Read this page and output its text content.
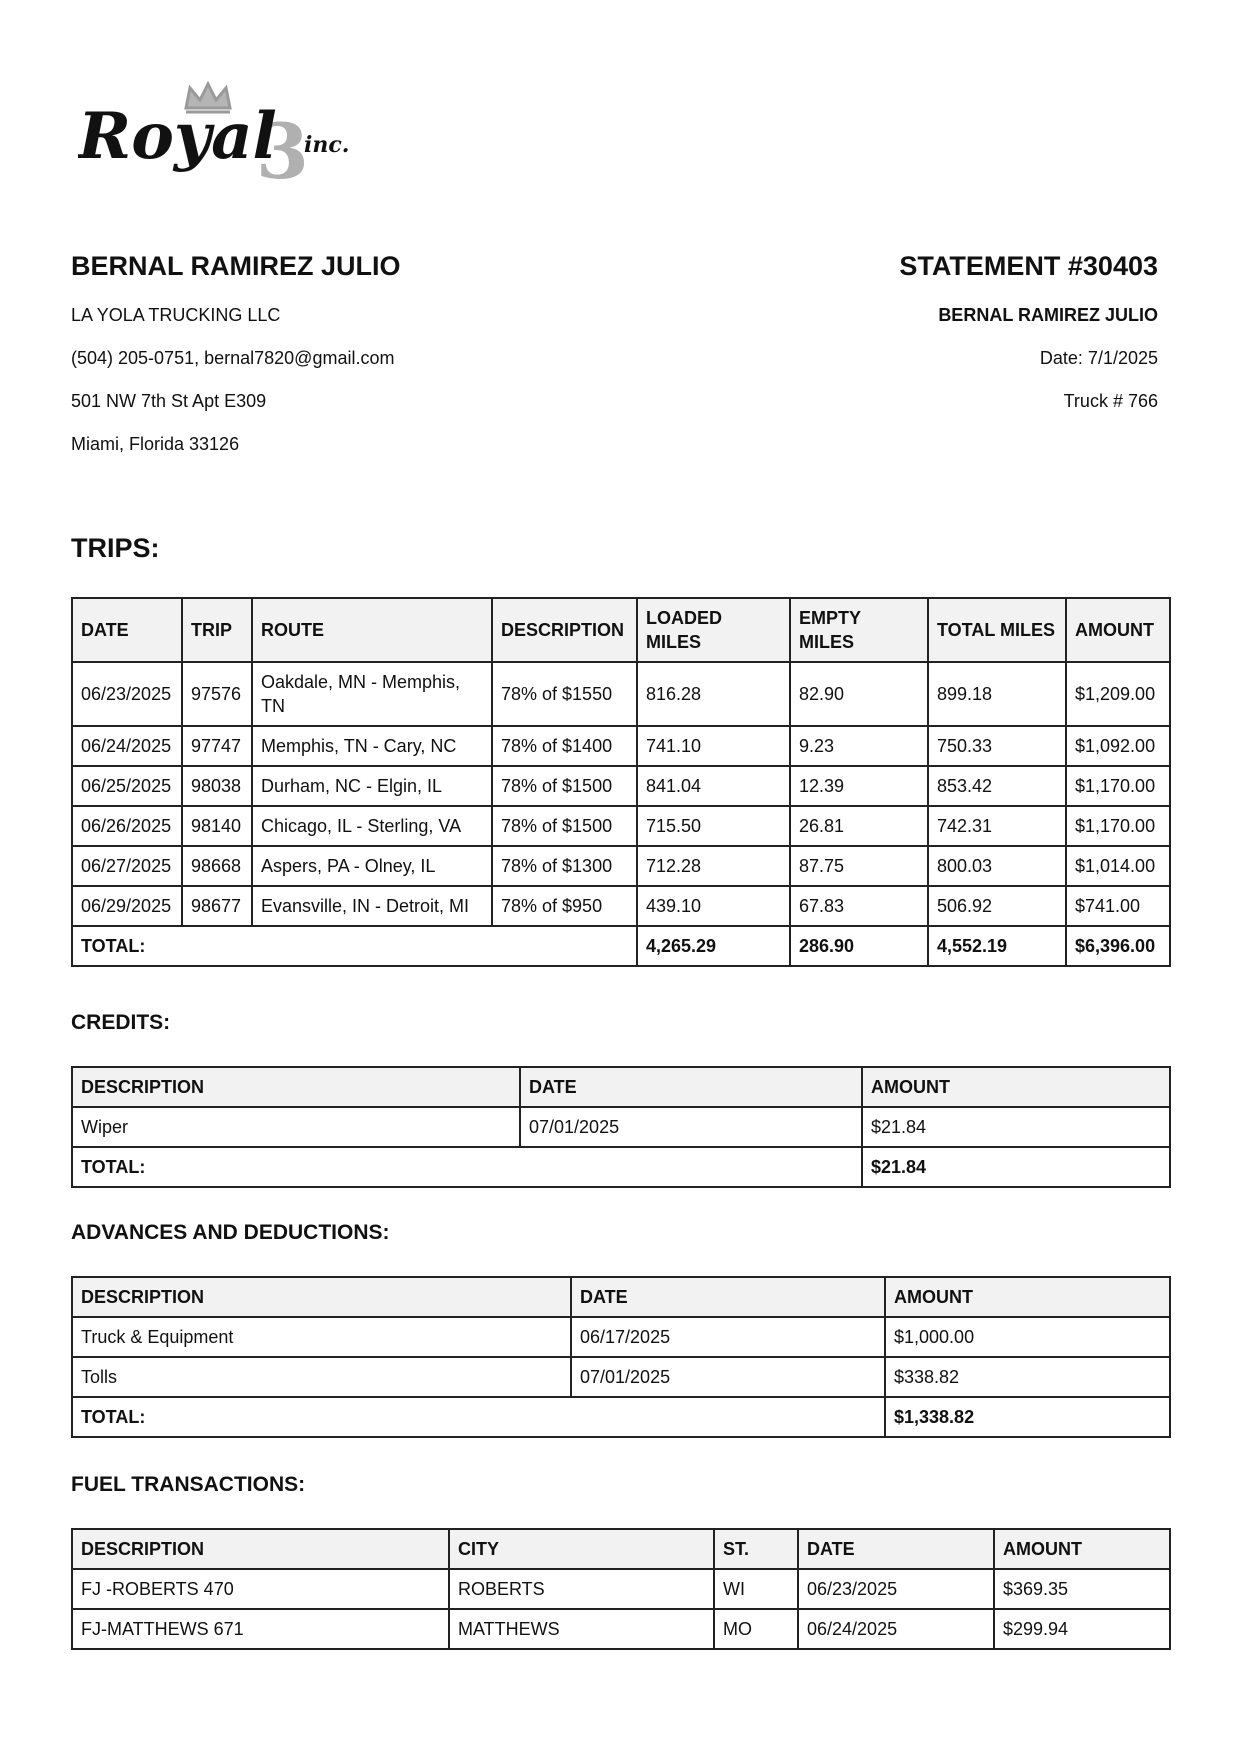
3
Royal inc.
BERNAL RAMIREZ JULIO
LA YOLA TRUCKING LLC
(504) 205-0751, bernal7820@gmail.com
501 NW 7th St Apt E309
Miami, Florida 33126
STATEMENT #30403
BERNAL RAMIREZ JULIO
Date: 7/1/2025
Truck # 766
TRIPS:
DATE	TRIP	ROUTE	DESCRIPTION	LOADED MILES	EMPTY MILES	TOTAL MILES	AMOUNT
06/23/2025	97576	Oakdale, MN - Memphis, TN	78% of $1550	816.28	82.90	899.18	$1,209.00
06/24/2025	97747	Memphis, TN - Cary, NC	78% of $1400	741.10	9.23	750.33	$1,092.00
06/25/2025	98038	Durham, NC - Elgin, IL	78% of $1500	841.04	12.39	853.42	$1,170.00
06/26/2025	98140	Chicago, IL - Sterling, VA	78% of $1500	715.50	26.81	742.31	$1,170.00
06/27/2025	98668	Aspers, PA - Olney, IL	78% of $1300	712.28	87.75	800.03	$1,014.00
06/29/2025	98677	Evansville, IN - Detroit, MI	78% of $950	439.10	67.83	506.92	$741.00
TOTAL:				4,265.29	286.90	4,552.19	$6,396.00
CREDITS:
DESCRIPTION	DATE	AMOUNT
Wiper	07/01/2025	$21.84
TOTAL:		$21.84
ADVANCES AND DEDUCTIONS:
DESCRIPTION	DATE	AMOUNT
Truck & Equipment	06/17/2025	$1,000.00
Tolls	07/01/2025	$338.82
TOTAL:		$1,338.82
FUEL TRANSACTIONS:
DESCRIPTION	CITY	ST.	DATE	AMOUNT
FJ -ROBERTS 470	ROBERTS	WI	06/23/2025	$369.35
FJ-MATTHEWS 671	MATTHEWS	MO	06/24/2025	$299.94
